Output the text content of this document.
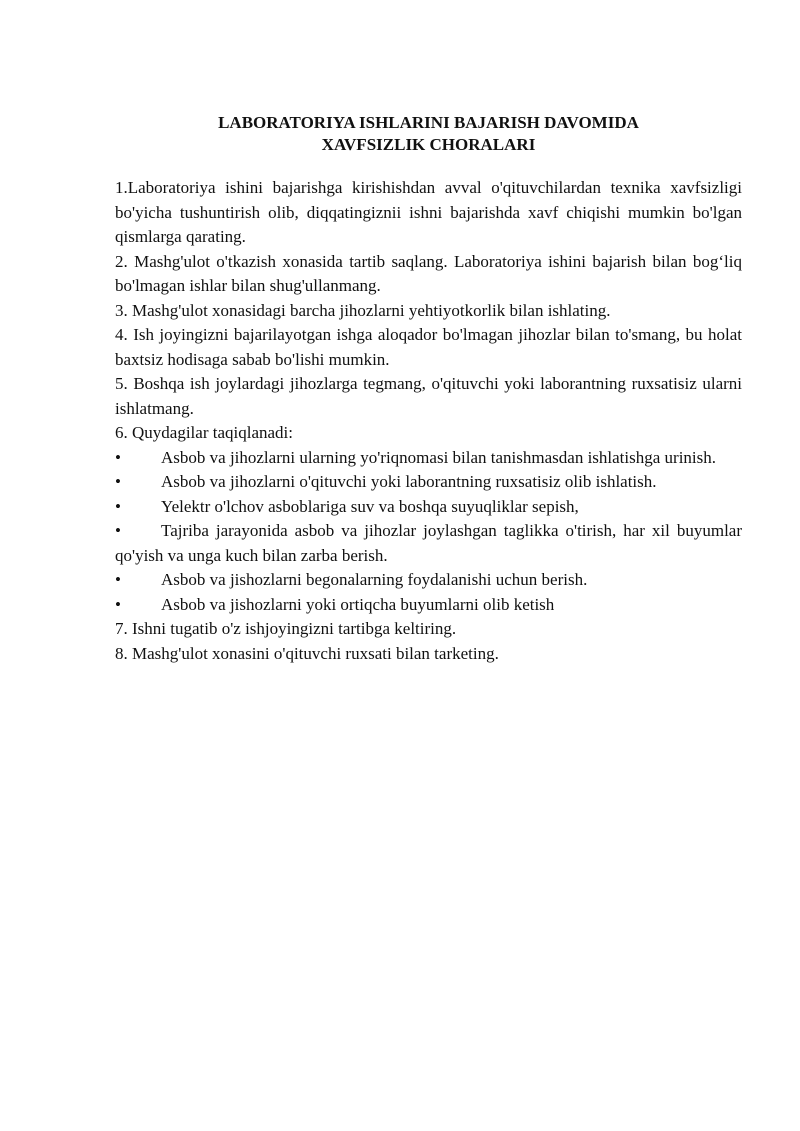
LABORATORIYA ISHLARINI BAJARISH DAVOMIDA
XAVFSIZLIK CHORALARI

1.Laboratoriya ishini bajarishga kirishishdan avval o'qituvchilardan texnika xavfsizligi bo'yicha tushuntirish olib, diqqatingiznii ishni bajarishda xavf chiqishi mumkin bo'lgan qismlarga qarating.

2. Mashg'ulot o'tkazish xonasida tartib saqlang. Laboratoriya ishini bajarish bilan bog‘liq bo'lmagan ishlar bilan shug'ullanmang.

3. Mashg'ulot xonasidagi barcha jihozlarni yehtiyotkorlik bilan ishlating.

4. Ish joyingizni bajarilayotgan ishga aloqador bo'lmagan jihozlar bilan to'smang, bu holat baxtsiz hodisaga sabab bo'lishi mumkin.

5. Boshqa ish joylardagi jihozlarga tegmang, o'qituvchi yoki laborantning ruxsatisiz ularni ishlatmang.

6. Quydagilar taqiqlanadi:

• Asbob va jihozlarni ularning yo'riqnomasi bilan tanishmasdan ishlatishga urinish.

• Asbob va jihozlarni o'qituvchi yoki laborantning ruxsatisiz olib ishlatish.

• Yelektr o'lchov asboblariga suv va boshqa suyuqliklar sepish,

• Tajriba jarayonida asbob va jihozlar joylashgan taglikka o'tirish, har xil buyumlar qo'yish va unga kuch bilan zarba berish.

• Asbob va jishozlarni begonalarning foydalanishi uchun berish.

• Asbob va jishozlarni yoki ortiqcha buyumlarni olib ketish

7. Ishni tugatib o'z ishjoyingizni tartibga keltiring.

8. Mashg'ulot xonasini o'qituvchi ruxsati bilan tarketing.
